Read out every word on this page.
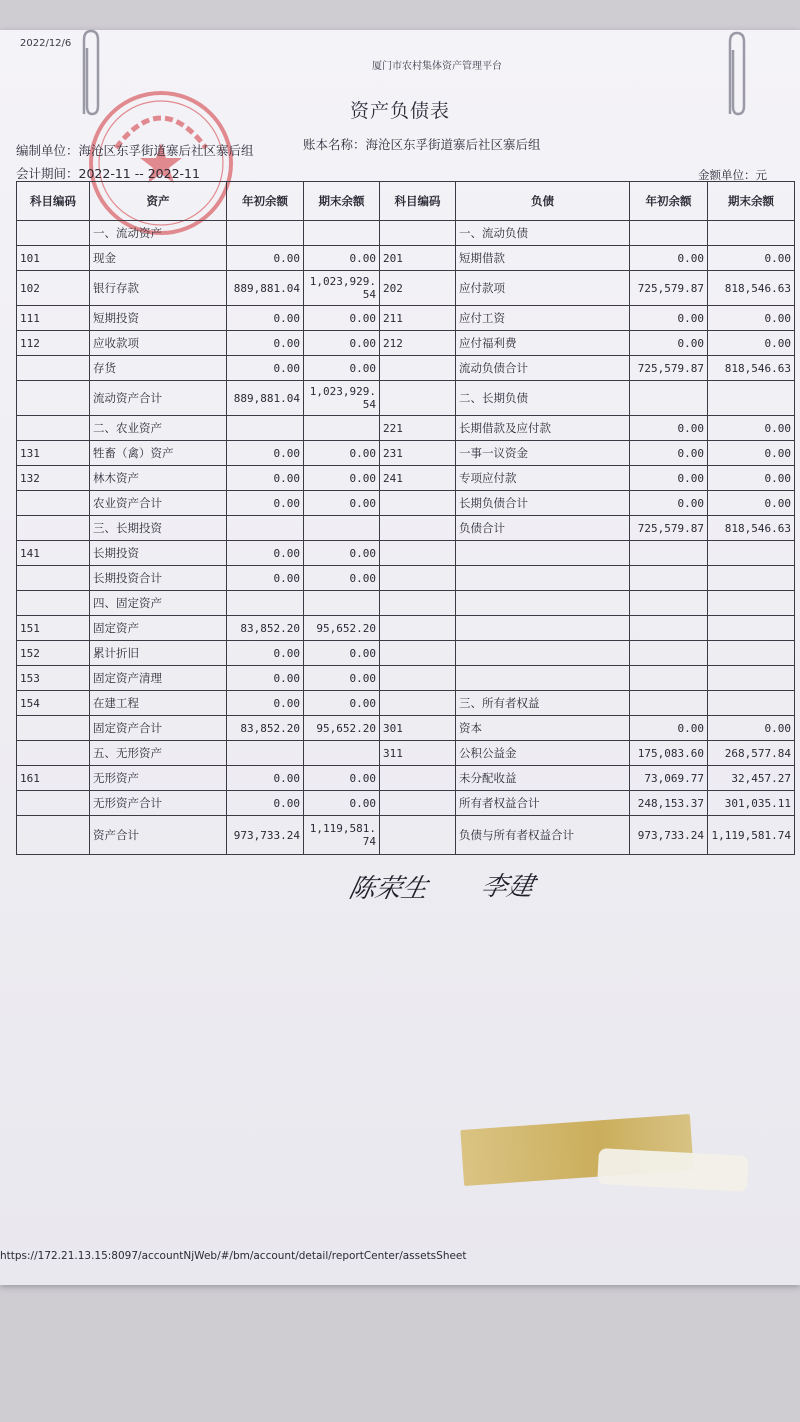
2022/12/6
厦门市农村集体资产管理平台
资产负债表
编制单位：海沧区东孚街道寨后社区寨后组	账本名称：海沧区东孚街道寨后社区寨后组
会计期间：2022-11 -- 2022-11	金额单位：元
科目编码	资产	年初余额	期末余额	科目编码	负债	年初余额	期末余额
	一、流动资产				一、流动负债		
101	现金	0.00	0.00	201	短期借款	0.00	0.00
102	银行存款	889,881.04	1,023,929.54	202	应付款项	725,579.87	818,546.63
111	短期投资	0.00	0.00	211	应付工资	0.00	0.00
112	应收款项	0.00	0.00	212	应付福利费	0.00	0.00
	存货	0.00	0.00		流动负债合计	725,579.87	818,546.63
	流动资产合计	889,881.04	1,023,929.54		二、长期负债		
	二、农业资产			221	长期借款及应付款	0.00	0.00
131	牲畜（禽）资产	0.00	0.00	231	一事一议资金	0.00	0.00
132	林木资产	0.00	0.00	241	专项应付款	0.00	0.00
	农业资产合计	0.00	0.00		长期负债合计	0.00	0.00
	三、长期投资				负债合计	725,579.87	818,546.63
141	长期投资	0.00	0.00				
	长期投资合计	0.00	0.00				
	四、固定资产						
151	固定资产	83,852.20	95,652.20				
152	累计折旧	0.00	0.00				
153	固定资产清理	0.00	0.00				
154	在建工程	0.00	0.00		三、所有者权益		
	固定资产合计	83,852.20	95,652.20	301	资本	0.00	0.00
	五、无形资产			311	公积公益金	175,083.60	268,577.84
161	无形资产	0.00	0.00		未分配收益	73,069.77	32,457.27
	无形资产合计	0.00	0.00		所有者权益合计	248,153.37	301,035.11
	资产合计	973,733.24	1,119,581.74		负债与所有者权益合计	973,733.24	1,119,581.74
陈荣生 李建
https://172.21.13.15:8097/accountNjWeb/#/bm/account/detail/reportCenter/assetsSheet
